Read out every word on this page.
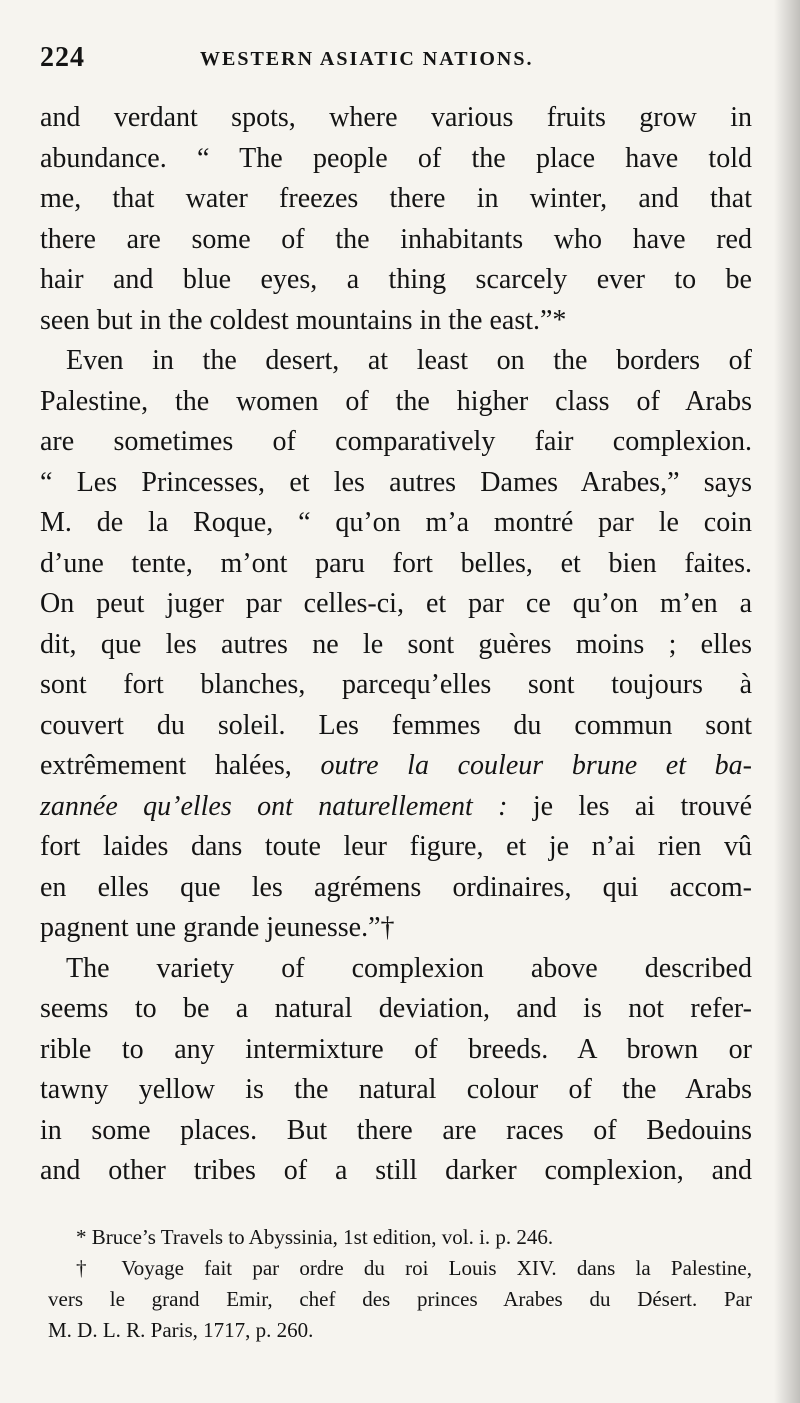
224	WESTERN ASIATIC NATIONS.
and verdant spots, where various fruits grow in
abundance. “ The people of the place have told
me, that water freezes there in winter, and that
there are some of the inhabitants who have red
hair and blue eyes, a thing scarcely ever to be
seen but in the coldest mountains in the east.”*
Even in the desert, at least on the borders of
Palestine, the women of the higher class of Arabs
are sometimes of comparatively fair complexion.
“ Les Princesses, et les autres Dames Arabes,” says
M. de la Roque, “ qu’on m’a montré par le coin
d’une tente, m’ont paru fort belles, et bien faites.
On peut juger par celles-ci, et par ce qu’on m’en a
dit, que les autres ne le sont guères moins ; elles
sont fort blanches, parcequ’elles sont toujours à
couvert du soleil. Les femmes du commun sont
extrêmement halées, outre la couleur brune et ba-
zannée qu’elles ont naturellement : je les ai trouvé
fort laides dans toute leur figure, et je n’ai rien vû
en elles que les agrémens ordinaires, qui accom-
pagnent une grande jeunesse.”†
The variety of complexion above described
seems to be a natural deviation, and is not refer-
rible to any intermixture of breeds. A brown or
tawny yellow is the natural colour of the Arabs
in some places. But there are races of Bedouins
and other tribes of a still darker complexion, and
* Bruce’s Travels to Abyssinia, 1st edition, vol. i. p. 246.
† Voyage fait par ordre du roi Louis XIV. dans la Palestine,
vers le grand Emir, chef des princes Arabes du Désert. Par
M. D. L. R. Paris, 1717, p. 260.
